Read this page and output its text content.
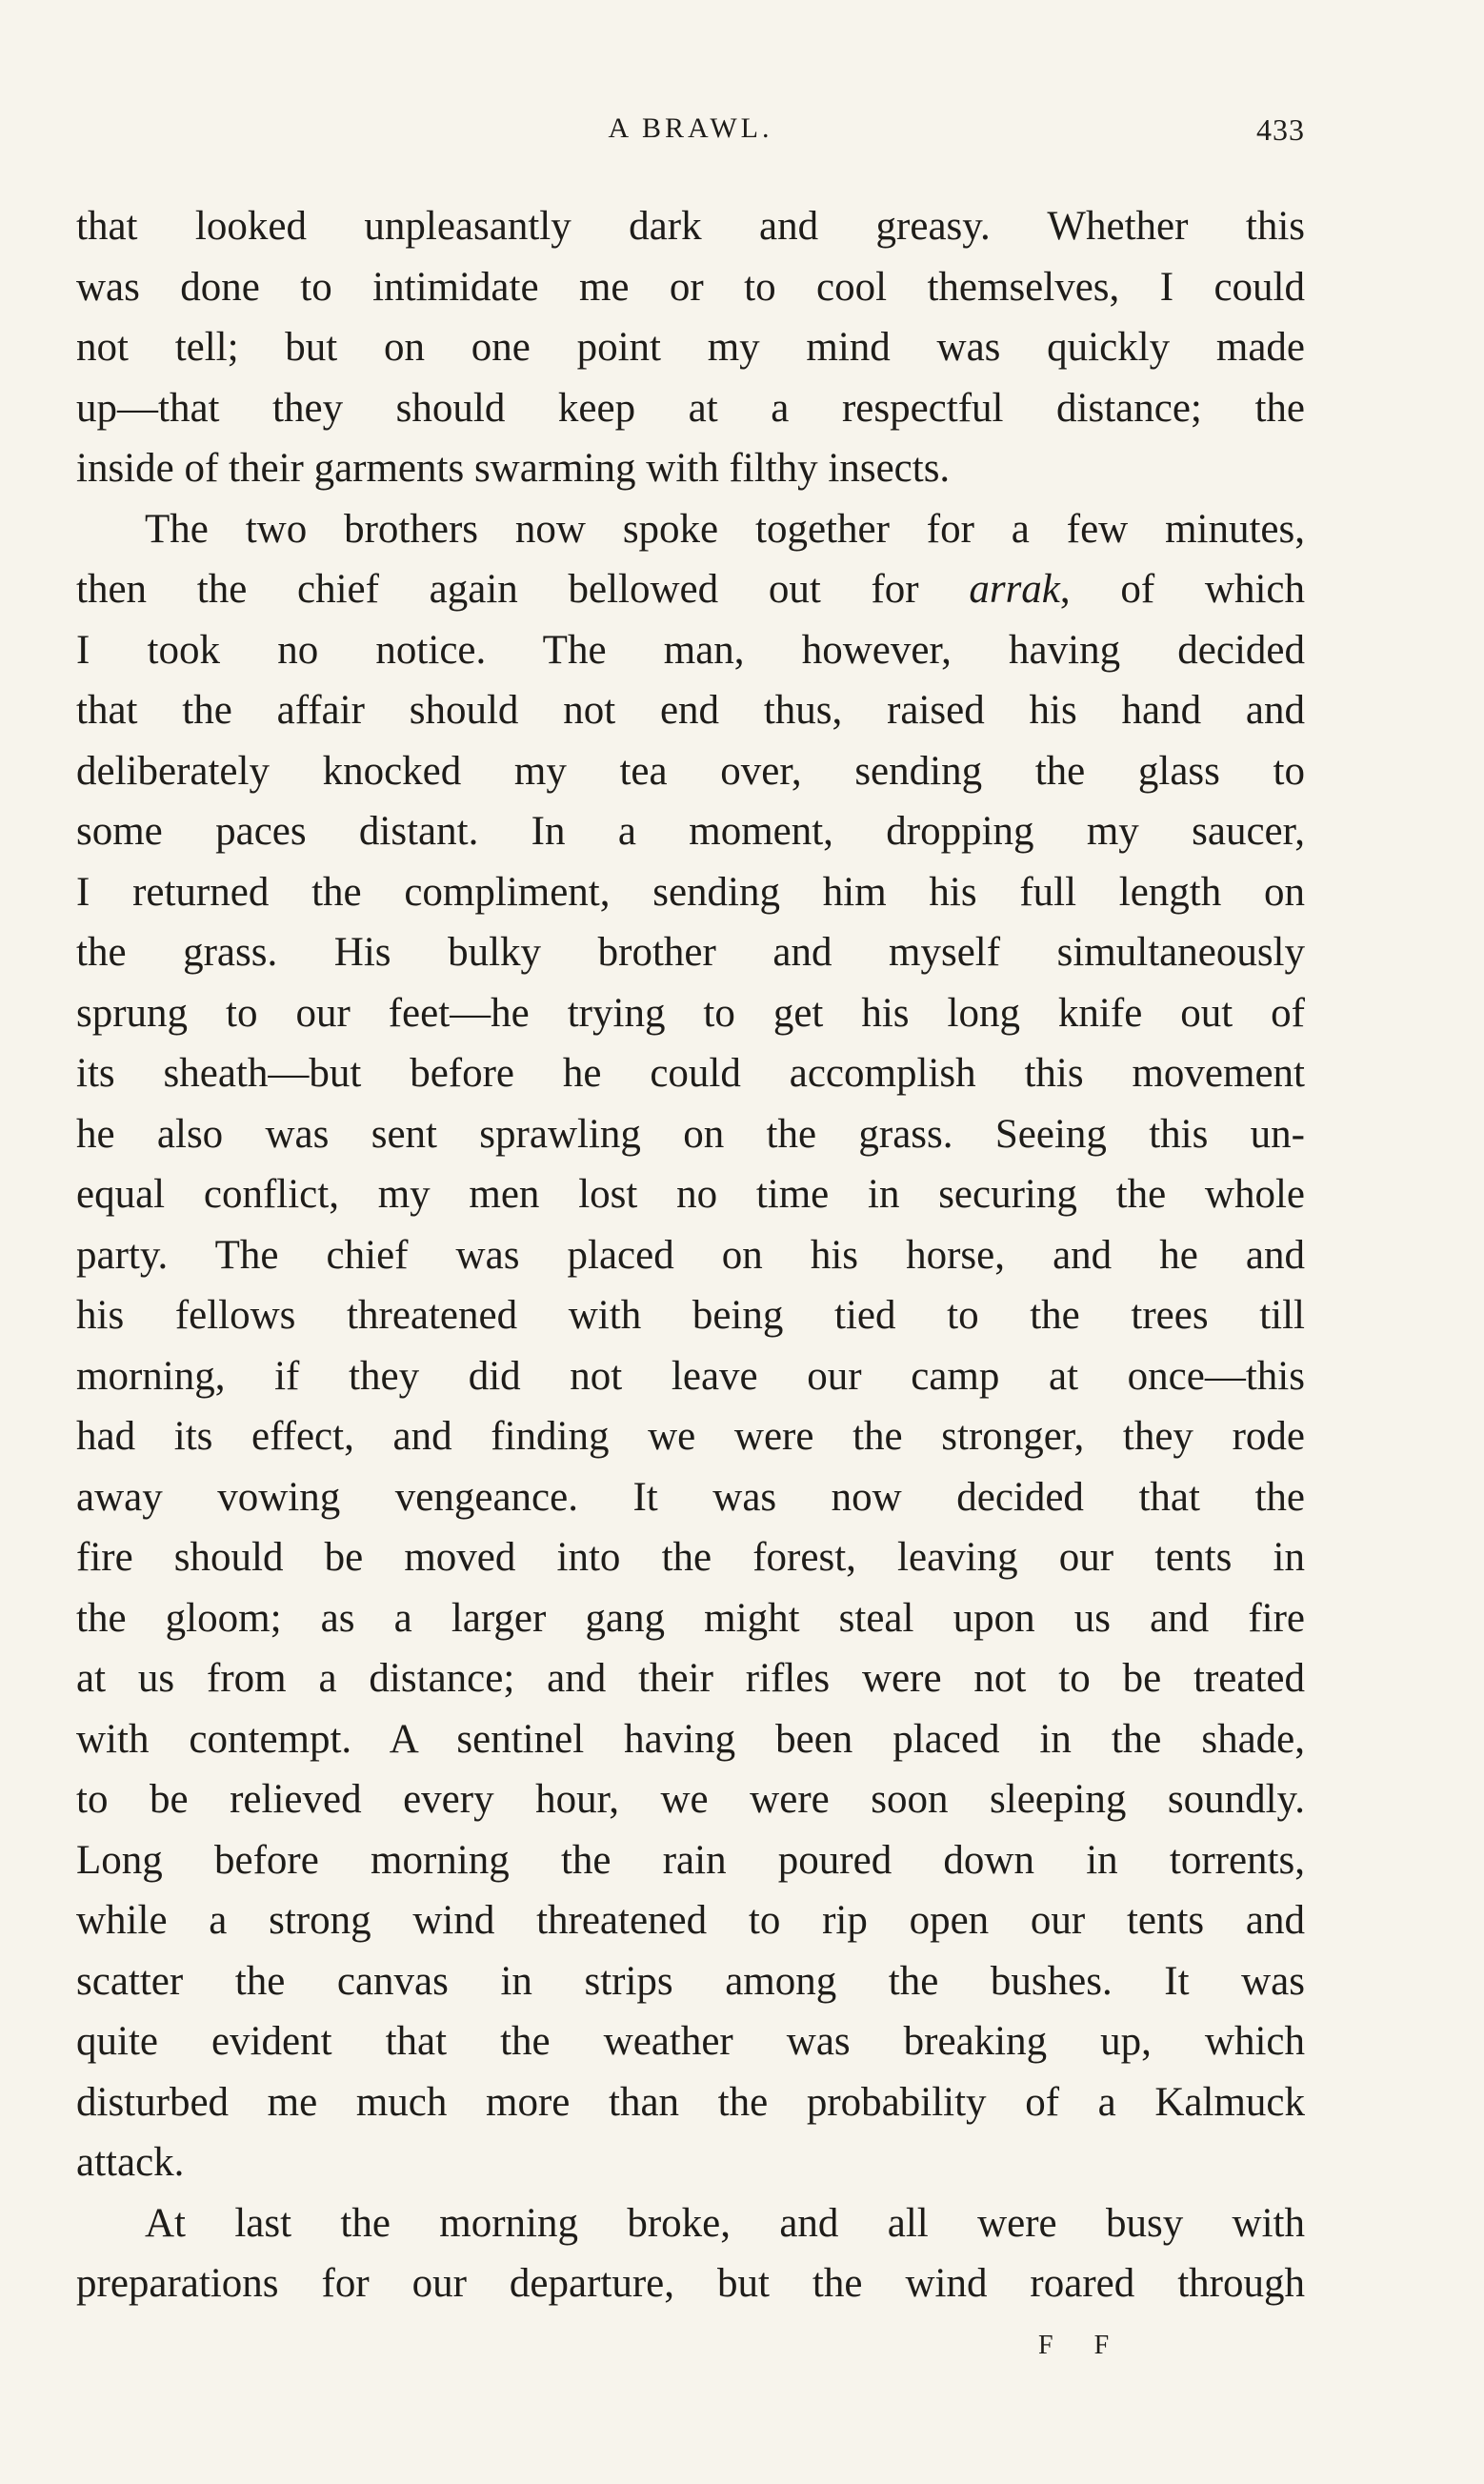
A BRAWL.	433
that looked unpleasantly dark and greasy. Whether this
was done to intimidate me or to cool themselves, I could
not tell; but on one point my mind was quickly made
up—that they should keep at a respectful distance; the
inside of their garments swarming with filthy insects.
The two brothers now spoke together for a few minutes,
then the chief again bellowed out for arrak, of which
I took no notice. The man, however, having decided
that the affair should not end thus, raised his hand and
deliberately knocked my tea over, sending the glass to
some paces distant. In a moment, dropping my saucer,
I returned the compliment, sending him his full length on
the grass. His bulky brother and myself simultaneously
sprung to our feet—he trying to get his long knife out of
its sheath—but before he could accomplish this movement
he also was sent sprawling on the grass. Seeing this un-
equal conflict, my men lost no time in securing the whole
party. The chief was placed on his horse, and he and
his fellows threatened with being tied to the trees till
morning, if they did not leave our camp at once—this
had its effect, and finding we were the stronger, they rode
away vowing vengeance. It was now decided that the
fire should be moved into the forest, leaving our tents in
the gloom; as a larger gang might steal upon us and fire
at us from a distance; and their rifles were not to be treated
with contempt. A sentinel having been placed in the shade,
to be relieved every hour, we were soon sleeping soundly.
Long before morning the rain poured down in torrents,
while a strong wind threatened to rip open our tents and
scatter the canvas in strips among the bushes. It was
quite evident that the weather was breaking up, which
disturbed me much more than the probability of a Kalmuck
attack.
At last the morning broke, and all were busy with
preparations for our departure, but the wind roared through
F F
